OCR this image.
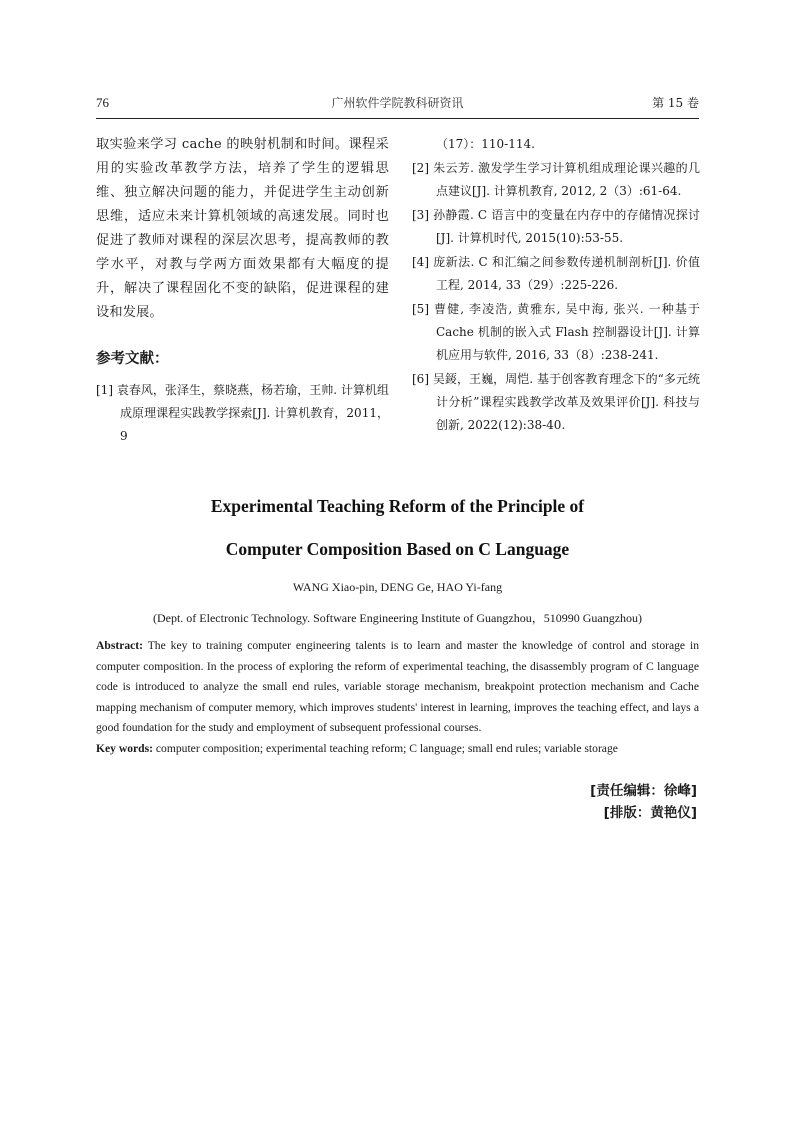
76	广州软件学院教科研资讯	第 15 卷

取实验来学习 cache 的映射机制和时间。课程采用的实验改革教学方法，培养了学生的逻辑思维、独立解决问题的能力，并促进学生主动创新思维，适应未来计算机领域的高速发展。同时也促进了教师对课程的深层次思考，提高教师的教学水平，对教与学两方面效果都有大幅度的提升，解决了课程固化不变的缺陷，促进课程的建设和发展。

参考文献：

[1] 袁春风，张泽生，蔡晓燕，杨若瑜，王帅. 计算机组成原理课程实践教学探索[J]. 计算机教育，2011，9

（17）：110-114.

[2] 朱云芳. 激发学生学习计算机组成理论课兴趣的几点建议[J]. 计算机教育, 2012, 2（3）:61-64.

[3] 孙静霞. C 语言中的变量在内存中的存储情况探讨[J]. 计算机时代, 2015(10):53-55.

[4] 庞新法. C 和汇编之间参数传递机制剖析[J]. 价值工程, 2014, 33（29）:225-226.

[5] 曹健, 李凌浩, 黄雅东, 吴中海, 张兴. 一种基于 Cache 机制的嵌入式 Flash 控制器设计[J]. 计算机应用与软件, 2016, 33（8）:238-241.

[6] 吴錽，王巍，周恺. 基于创客教育理念下的“多元统计分析”课程实践教学改革及效果评价[J]. 科技与创新, 2022(12):38-40.

Experimental Teaching Reform of the Principle of
Computer Composition Based on C Language
WANG Xiao-pin, DENG Ge, HAO Yi-fang
(Dept. of Electronic Technology. Software Engineering Institute of Guangzhou，510990 Guangzhou)
Abstract: The key to training computer engineering talents is to learn and master the knowledge of control and storage in computer composition. In the process of exploring the reform of experimental teaching, the disassembly program of C language code is introduced to analyze the small end rules, variable storage mechanism, breakpoint protection mechanism and Cache mapping mechanism of computer memory, which improves students' interest in learning, improves the teaching effect, and lays a good foundation for the study and employment of subsequent professional courses.
Key words: computer composition; experimental teaching reform; C language; small end rules; variable storage
[责任编辑：徐峰]
[排版：黄艳仪]
